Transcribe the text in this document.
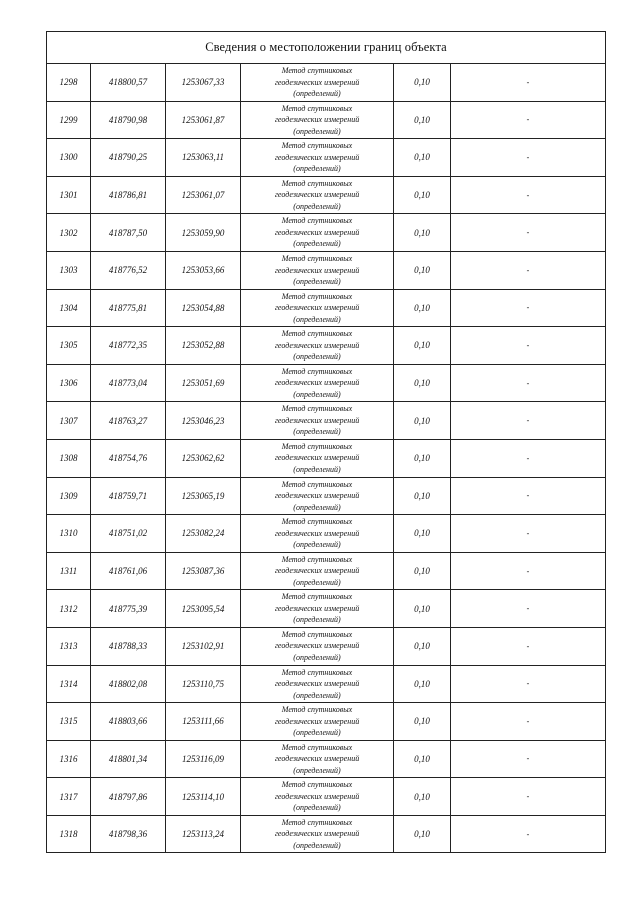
Сведения о местоположении границ объекта					
1298	418800,57	1253067,33	Метод спутниковых
геодезических измерений
(определений)	0,10	-
1299	418790,98	1253061,87	Метод спутниковых
геодезических измерений
(определений)	0,10	-
1300	418790,25	1253063,11	Метод спутниковых
геодезических измерений
(определений)	0,10	-
1301	418786,81	1253061,07	Метод спутниковых
геодезических измерений
(определений)	0,10	-
1302	418787,50	1253059,90	Метод спутниковых
геодезических измерений
(определений)	0,10	-
1303	418776,52	1253053,66	Метод спутниковых
геодезических измерений
(определений)	0,10	-
1304	418775,81	1253054,88	Метод спутниковых
геодезических измерений
(определений)	0,10	-
1305	418772,35	1253052,88	Метод спутниковых
геодезических измерений
(определений)	0,10	-
1306	418773,04	1253051,69	Метод спутниковых
геодезических измерений
(определений)	0,10	-
1307	418763,27	1253046,23	Метод спутниковых
геодезических измерений
(определений)	0,10	-
1308	418754,76	1253062,62	Метод спутниковых
геодезических измерений
(определений)	0,10	-
1309	418759,71	1253065,19	Метод спутниковых
геодезических измерений
(определений)	0,10	-
1310	418751,02	1253082,24	Метод спутниковых
геодезических измерений
(определений)	0,10	-
1311	418761,06	1253087,36	Метод спутниковых
геодезических измерений
(определений)	0,10	-
1312	418775,39	1253095,54	Метод спутниковых
геодезических измерений
(определений)	0,10	-
1313	418788,33	1253102,91	Метод спутниковых
геодезических измерений
(определений)	0,10	-
1314	418802,08	1253110,75	Метод спутниковых
геодезических измерений
(определений)	0,10	-
1315	418803,66	1253111,66	Метод спутниковых
геодезических измерений
(определений)	0,10	-
1316	418801,34	1253116,09	Метод спутниковых
геодезических измерений
(определений)	0,10	-
1317	418797,86	1253114,10	Метод спутниковых
геодезических измерений
(определений)	0,10	-
1318	418798,36	1253113,24	Метод спутниковых
геодезических измерений
(определений)	0,10	-
